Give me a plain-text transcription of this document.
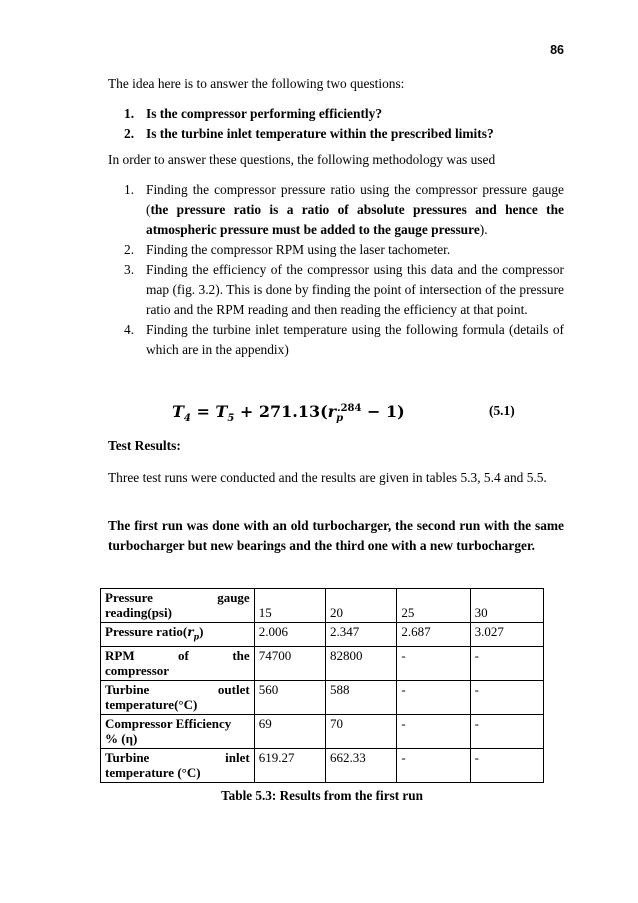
86

The idea here is to answer the following two questions:

1. Is the compressor performing efficiently?
2. Is the turbine inlet temperature within the prescribed limits?

In order to answer these questions, the following methodology was used

1. Finding the compressor pressure ratio using the compressor pressure gauge (the pressure ratio is a ratio of absolute pressures and hence the atmospheric pressure must be added to the gauge pressure).
2. Finding the compressor RPM using the laser tachometer.
3. Finding the efficiency of the compressor using this data and the compressor map (fig. 3.2). This is done by finding the point of intersection of the pressure ratio and the RPM reading and then reading the efficiency at that point.
4. Finding the turbine inlet temperature using the following formula (details of which are in the appendix)
$T_4 = T_5 + 271.13(r_p^{.284} - 1)$	(5.1)

Test Results:

Three test runs were conducted and the results are given in tables 5.3, 5.4 and 5.5.

The first run was done with an old turbocharger, the second run with the same turbocharger but new bearings and the third one with a new turbocharger.

Pressure gauge
reading(psi)	15	20	25	30
Pressure $ratio(r_p)$	2.006	2.347	2.687	3.027

RPM of the
compressor	74700	82800	-	-

Turbine outlet
temperature(°C)	560	588	-	-

Compressor Efficiency
% (η)	69	70	-	-

Turbine inlet
temperature (°C)	619.27	662.33	-	-
Table 5.3: Results from the first run
